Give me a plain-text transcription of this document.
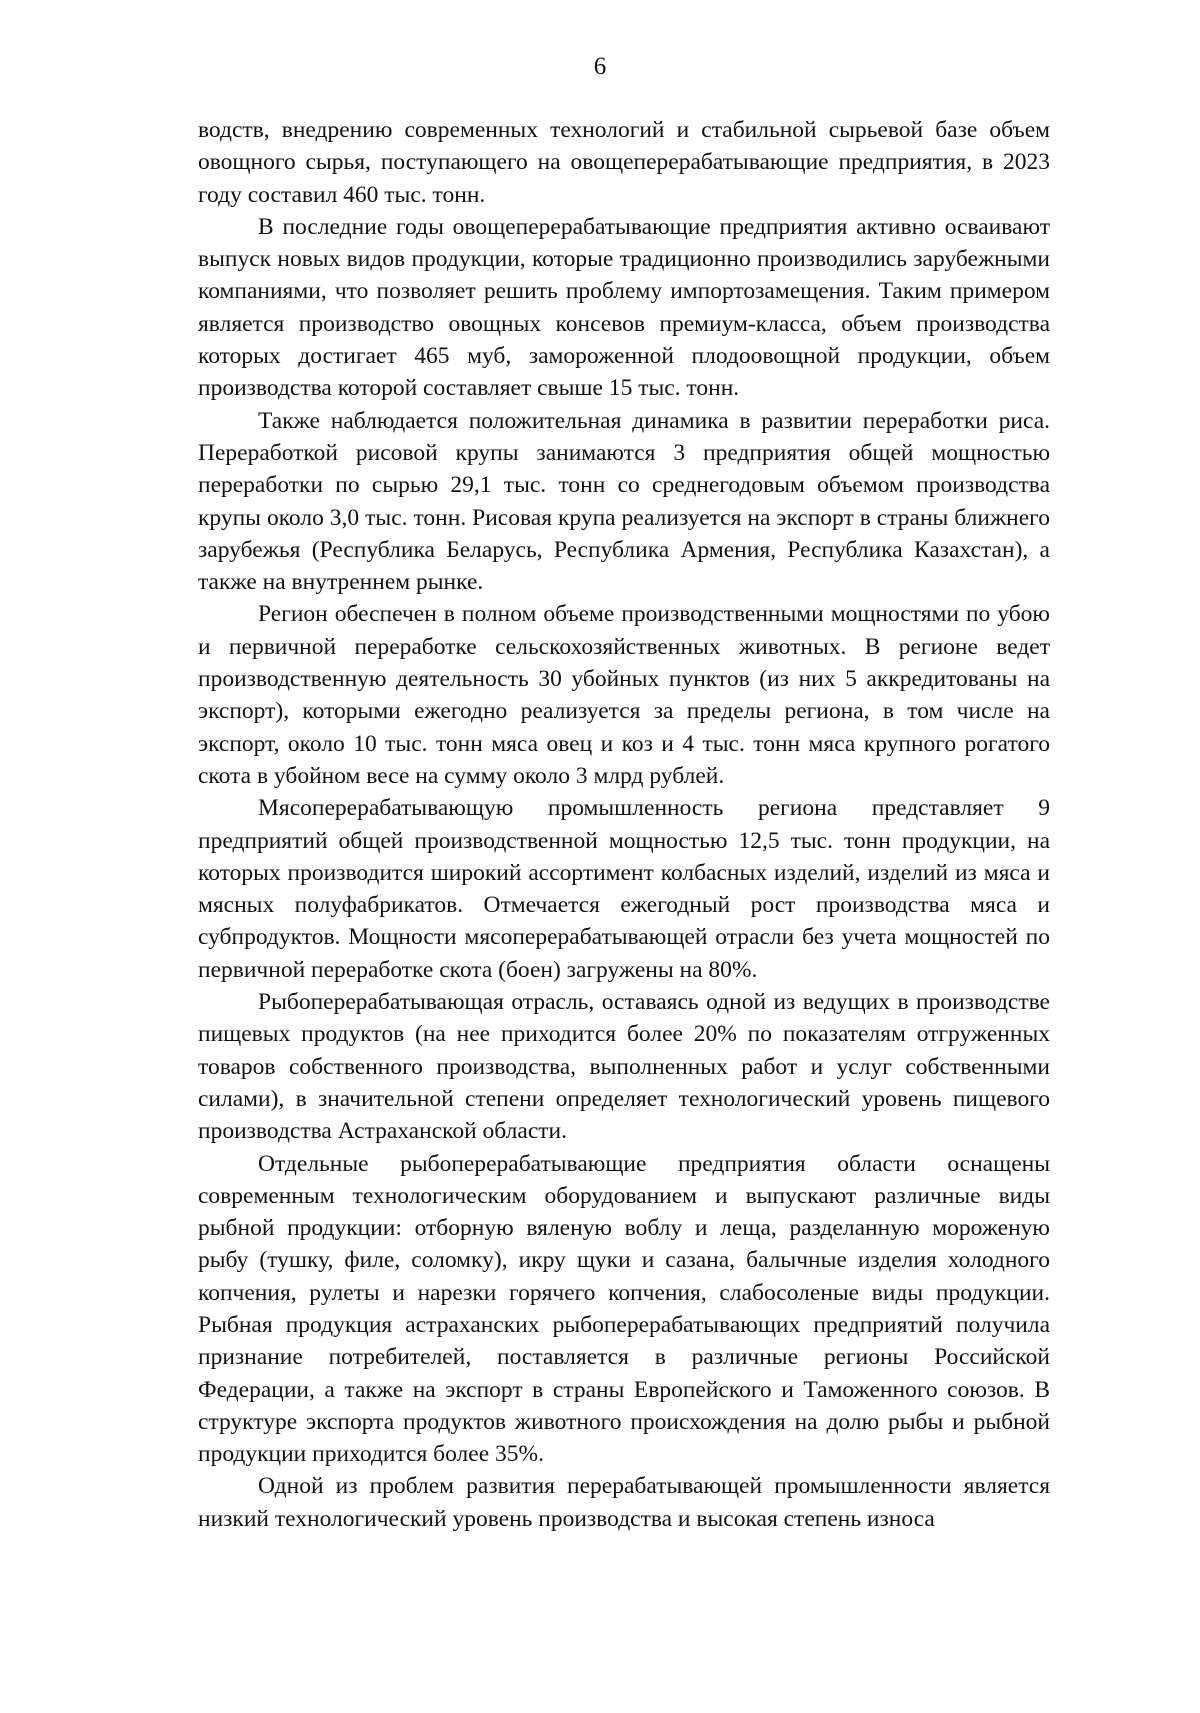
6

водств, внедрению современных технологий и стабильной сырьевой базе объем овощного сырья, поступающего на овощеперерабатывающие предприятия, в 2023 году составил 460 тыс. тонн.

В последние годы овощеперерабатывающие предприятия активно осваивают выпуск новых видов продукции, которые традиционно производились зарубежными компаниями, что позволяет решить проблему импортозамещения. Таким примером является производство овощных консевов премиум-класса, объем производства которых достигает 465 муб, замороженной плодоовощной продукции, объем производства которой составляет свыше 15 тыс. тонн.

Также наблюдается положительная динамика в развитии переработки риса. Переработкой рисовой крупы занимаются 3 предприятия общей мощностью переработки по сырью 29,1 тыс. тонн со среднегодовым объемом производства крупы около 3,0 тыс. тонн. Рисовая крупа реализуется на экспорт в страны ближнего зарубежья (Республика Беларусь, Республика Армения, Республика Казахстан), а также на внутреннем рынке.

Регион обеспечен в полном объеме производственными мощностями по убою и первичной переработке сельскохозяйственных животных. В регионе ведет производственную деятельность 30 убойных пунктов (из них 5 аккредитованы на экспорт), которыми ежегодно реализуется за пределы региона, в том числе на экспорт, около 10 тыс. тонн мяса овец и коз и 4 тыс. тонн мяса крупного рогатого скота в убойном весе на сумму около 3 млрд рублей.

Мясоперерабатывающую промышленность региона представляет 9 предприятий общей производственной мощностью 12,5 тыс. тонн продукции, на которых производится широкий ассортимент колбасных изделий, изделий из мяса и мясных полуфабрикатов. Отмечается ежегодный рост производства мяса и субпродуктов. Мощности мясоперерабатывающей отрасли без учета мощностей по первичной переработке скота (боен) загружены на 80%.

Рыбоперерабатывающая отрасль, оставаясь одной из ведущих в производстве пищевых продуктов (на нее приходится более 20% по показателям отгруженных товаров собственного производства, выполненных работ и услуг собственными силами), в значительной степени определяет технологический уровень пищевого производства Астраханской области.

Отдельные рыбоперерабатывающие предприятия области оснащены современным технологическим оборудованием и выпускают различные виды рыбной продукции: отборную вяленую воблу и леща, разделанную мороженую рыбу (тушку, филе, соломку), икру щуки и сазана, балычные изделия холодного копчения, рулеты и нарезки горячего копчения, слабосоленые виды продукции. Рыбная продукция астраханских рыбоперерабатывающих предприятий получила признание потребителей, поставляется в различные регионы Российской Федерации, а также на экспорт в страны Европейского и Таможенного союзов. В структуре экспорта продуктов животного происхождения на долю рыбы и рыбной продукции приходится более 35%.

Одной из проблем развития перерабатывающей промышленности является низкий технологический уровень производства и высокая степень износа
